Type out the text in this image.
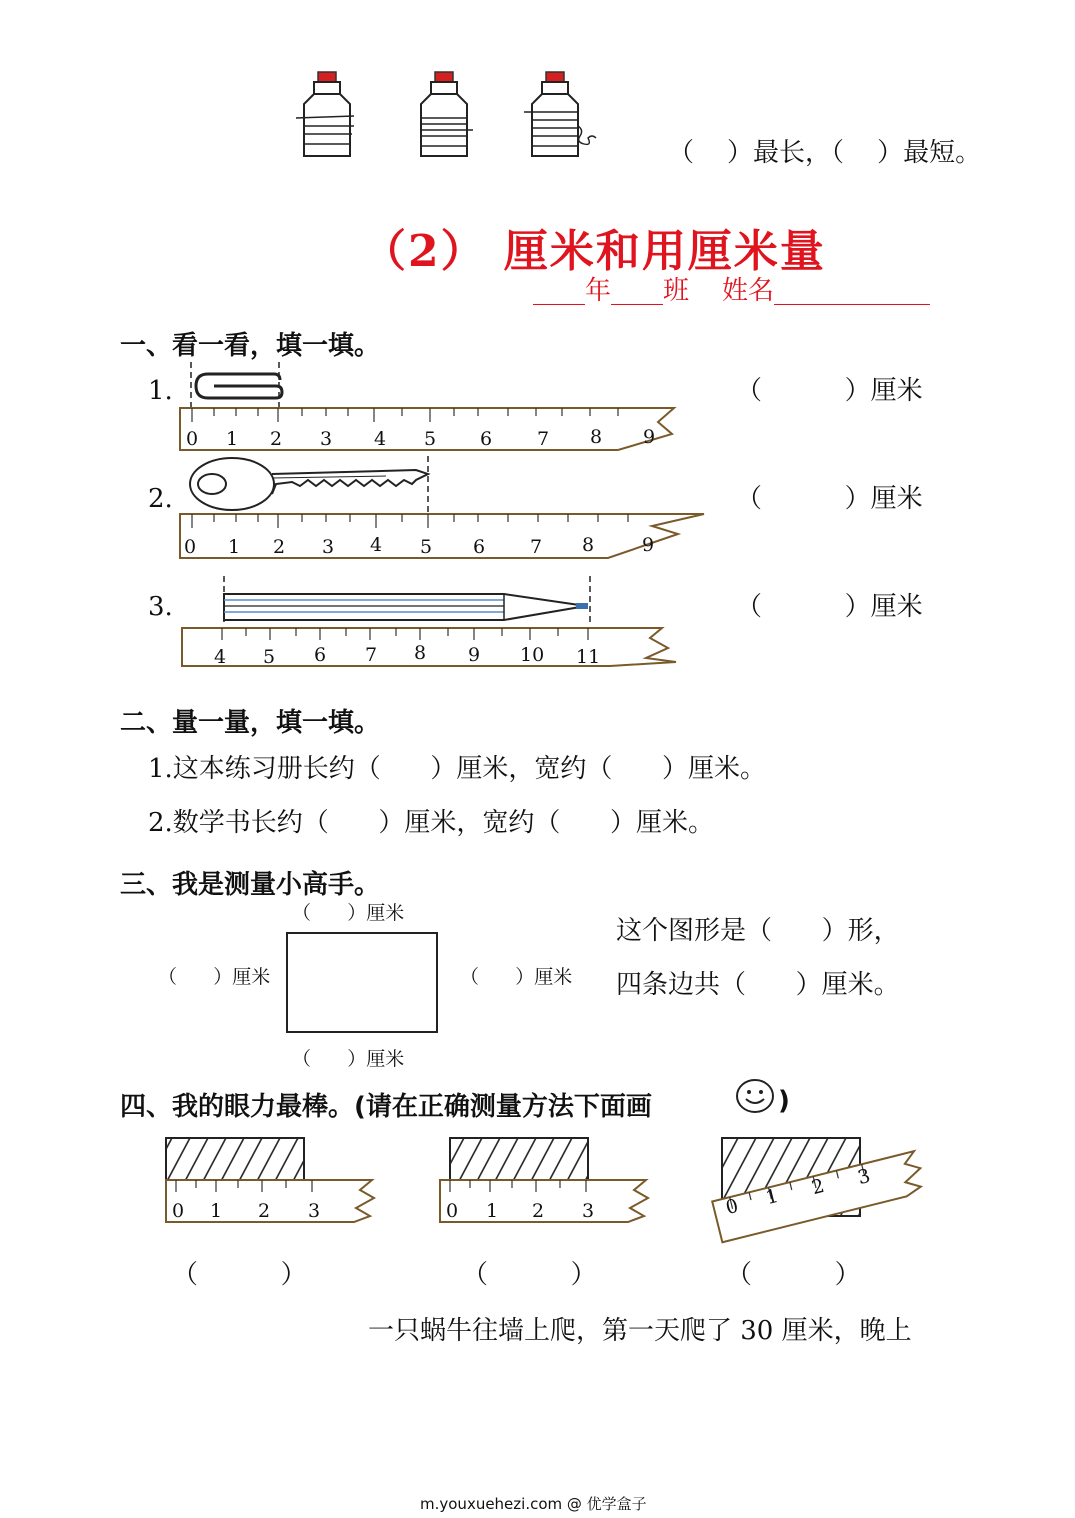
（    ）最长，（    ）最短。
（2） 厘米和用厘米量
____年____班    姓名____________
一、看一看，填一填。
1.	（          ）厘米
0 1 2 3 4 5 6 7 8 9
2.	（          ）厘米
0 1 2 3 4 5 6 7 8	9
3.	（          ）厘米
4 5 6 7 8 9 10 11
二、量一量，填一填。
1.这本练习册长约（      ）厘米，宽约（      ）厘米。
2.数学书长约（      ）厘米，宽约（      ）厘米。
三、我是测量小高手。
（      ）厘米
（      ）厘米	（      ）厘米
（      ）厘米
这个图形是（      ）形，
四条边共（      ）厘米。
四、我的眼力最棒。(请在正确测量方法下面画	)
0 1 2 3	0 1 2 3	0 1 2 3
（          ）	（          ）	（          ）
一只蜗牛往墙上爬，第一天爬了 30 厘米，晚上
m.youxuehezi.com @ 优学盒子
